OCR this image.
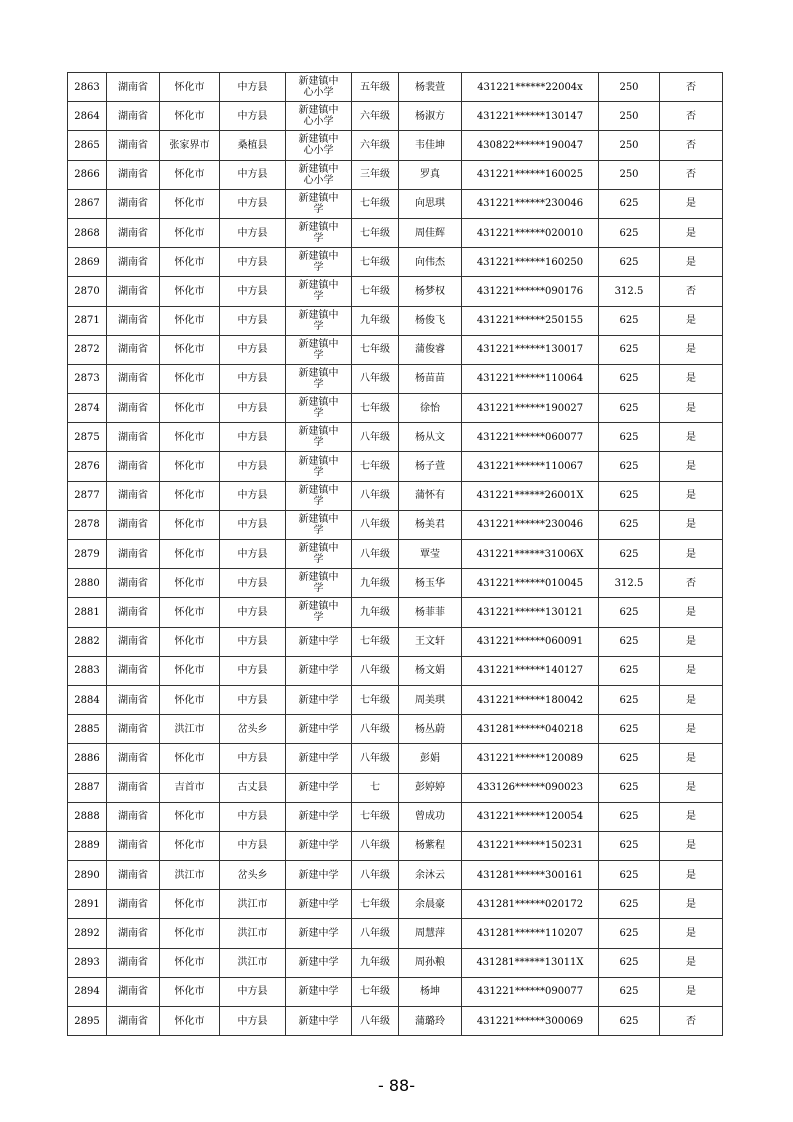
2863	湖南省	怀化市	中方县	新建镇中心小学	五年级	杨裴萱	431221******22004x	250	否
2864	湖南省	怀化市	中方县	新建镇中心小学	六年级	杨淑方	431221******130147	250	否
2865	湖南省	张家界市	桑植县	新建镇中心小学	六年级	韦佳坤	430822******190047	250	否
2866	湖南省	怀化市	中方县	新建镇中心小学	三年级	罗真	431221******160025	250	否
2867	湖南省	怀化市	中方县	新建镇中学	七年级	向思琪	431221******230046	625	是
2868	湖南省	怀化市	中方县	新建镇中学	七年级	周佳辉	431221******020010	625	是
2869	湖南省	怀化市	中方县	新建镇中学	七年级	向伟杰	431221******160250	625	是
2870	湖南省	怀化市	中方县	新建镇中学	七年级	杨梦权	431221******090176	312.5	否
2871	湖南省	怀化市	中方县	新建镇中学	九年级	杨俊飞	431221******250155	625	是
2872	湖南省	怀化市	中方县	新建镇中学	七年级	蒲俊睿	431221******130017	625	是
2873	湖南省	怀化市	中方县	新建镇中学	八年级	杨苗苗	431221******110064	625	是
2874	湖南省	怀化市	中方县	新建镇中学	七年级	徐怡	431221******190027	625	是
2875	湖南省	怀化市	中方县	新建镇中学	八年级	杨从文	431221******060077	625	是
2876	湖南省	怀化市	中方县	新建镇中学	七年级	杨子萱	431221******110067	625	是
2877	湖南省	怀化市	中方县	新建镇中学	八年级	蒲怀有	431221******26001X	625	是
2878	湖南省	怀化市	中方县	新建镇中学	八年级	杨美君	431221******230046	625	是
2879	湖南省	怀化市	中方县	新建镇中学	八年级	覃莹	431221******31006X	625	是
2880	湖南省	怀化市	中方县	新建镇中学	九年级	杨玉华	431221******010045	312.5	否
2881	湖南省	怀化市	中方县	新建镇中学	九年级	杨菲菲	431221******130121	625	是
2882	湖南省	怀化市	中方县	新建中学	七年级	王文轩	431221******060091	625	是
2883	湖南省	怀化市	中方县	新建中学	八年级	杨文娟	431221******140127	625	是
2884	湖南省	怀化市	中方县	新建中学	七年级	周美琪	431221******180042	625	是
2885	湖南省	洪江市	岔头乡	新建中学	八年级	杨丛蔚	431281******040218	625	是
2886	湖南省	怀化市	中方县	新建中学	八年级	彭娟	431221******120089	625	是
2887	湖南省	吉首市	古丈县	新建中学	七	彭婷婷	433126******090023	625	是
2888	湖南省	怀化市	中方县	新建中学	七年级	曾成功	431221******120054	625	是
2889	湖南省	怀化市	中方县	新建中学	八年级	杨紫程	431221******150231	625	是
2890	湖南省	洪江市	岔头乡	新建中学	八年级	余沐云	431281******300161	625	是
2891	湖南省	怀化市	洪江市	新建中学	七年级	余晨豪	431281******020172	625	是
2892	湖南省	怀化市	洪江市	新建中学	八年级	周慧萍	431281******110207	625	是
2893	湖南省	怀化市	洪江市	新建中学	九年级	周孙粮	431281******13011X	625	是
2894	湖南省	怀化市	中方县	新建中学	七年级	杨坤	431221******090077	625	是
2895	湖南省	怀化市	中方县	新建中学	八年级	蒲璐玲	431221******300069	625	否
- 88-
